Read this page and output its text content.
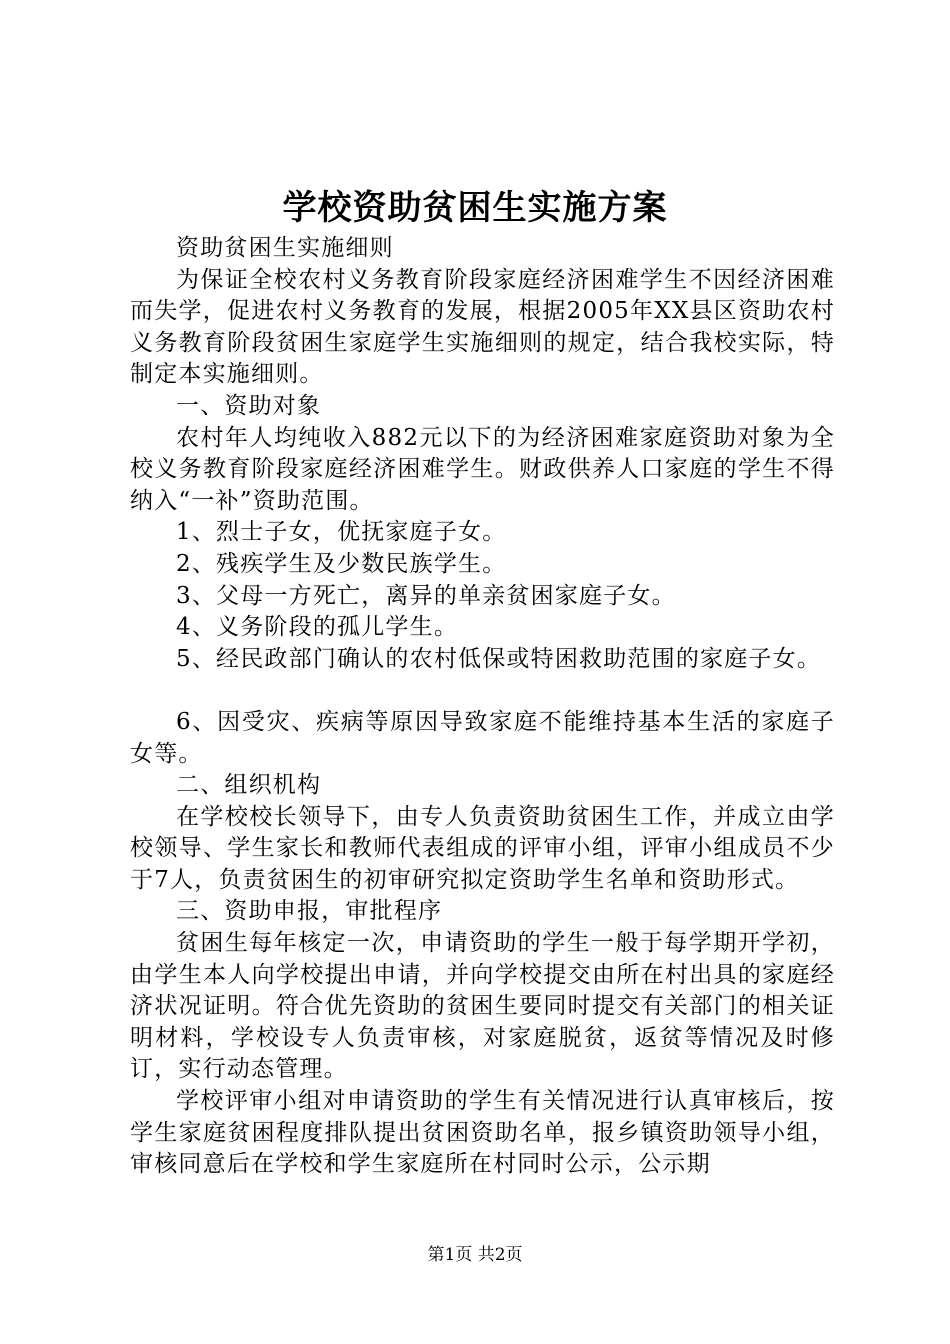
学校资助贫困生实施方案

资助贫困生实施细则

为保证全校农村义务教育阶段家庭经济困难学生不因经济困难而失学，促进农村义务教育的发展，根据2005年XX县区资助农村义务教育阶段贫困生家庭学生实施细则的规定，结合我校实际，特制定本实施细则。

一、资助对象

农村年人均纯收入882元以下的为经济困难家庭资助对象为全校义务教育阶段家庭经济困难学生。财政供养人口家庭的学生不得纳入“一补”资助范围。

1、烈士子女，优抚家庭子女。

2、残疾学生及少数民族学生。

3、父母一方死亡，离异的单亲贫困家庭子女。

4、义务阶段的孤儿学生。

5、经民政部门确认的农村低保或特困救助范围的家庭子女。

6、因受灾、疾病等原因导致家庭不能维持基本生活的家庭子女等。

二、组织机构

在学校校长领导下，由专人负责资助贫困生工作，并成立由学校领导、学生家长和教师代表组成的评审小组，评审小组成员不少于7人，负责贫困生的初审研究拟定资助学生名单和资助形式。

三、资助申报，审批程序

贫困生每年核定一次，申请资助的学生一般于每学期开学初，由学生本人向学校提出申请，并向学校提交由所在村出具的家庭经济状况证明。符合优先资助的贫困生要同时提交有关部门的相关证明材料，学校设专人负责审核，对家庭脱贫，返贫等情况及时修订，实行动态管理。

学校评审小组对申请资助的学生有关情况进行认真审核后，按学生家庭贫困程度排队提出贫困资助名单，报乡镇资助领导小组，审核同意后在学校和学生家庭所在村同时公示，公示期

第1页 共2页
